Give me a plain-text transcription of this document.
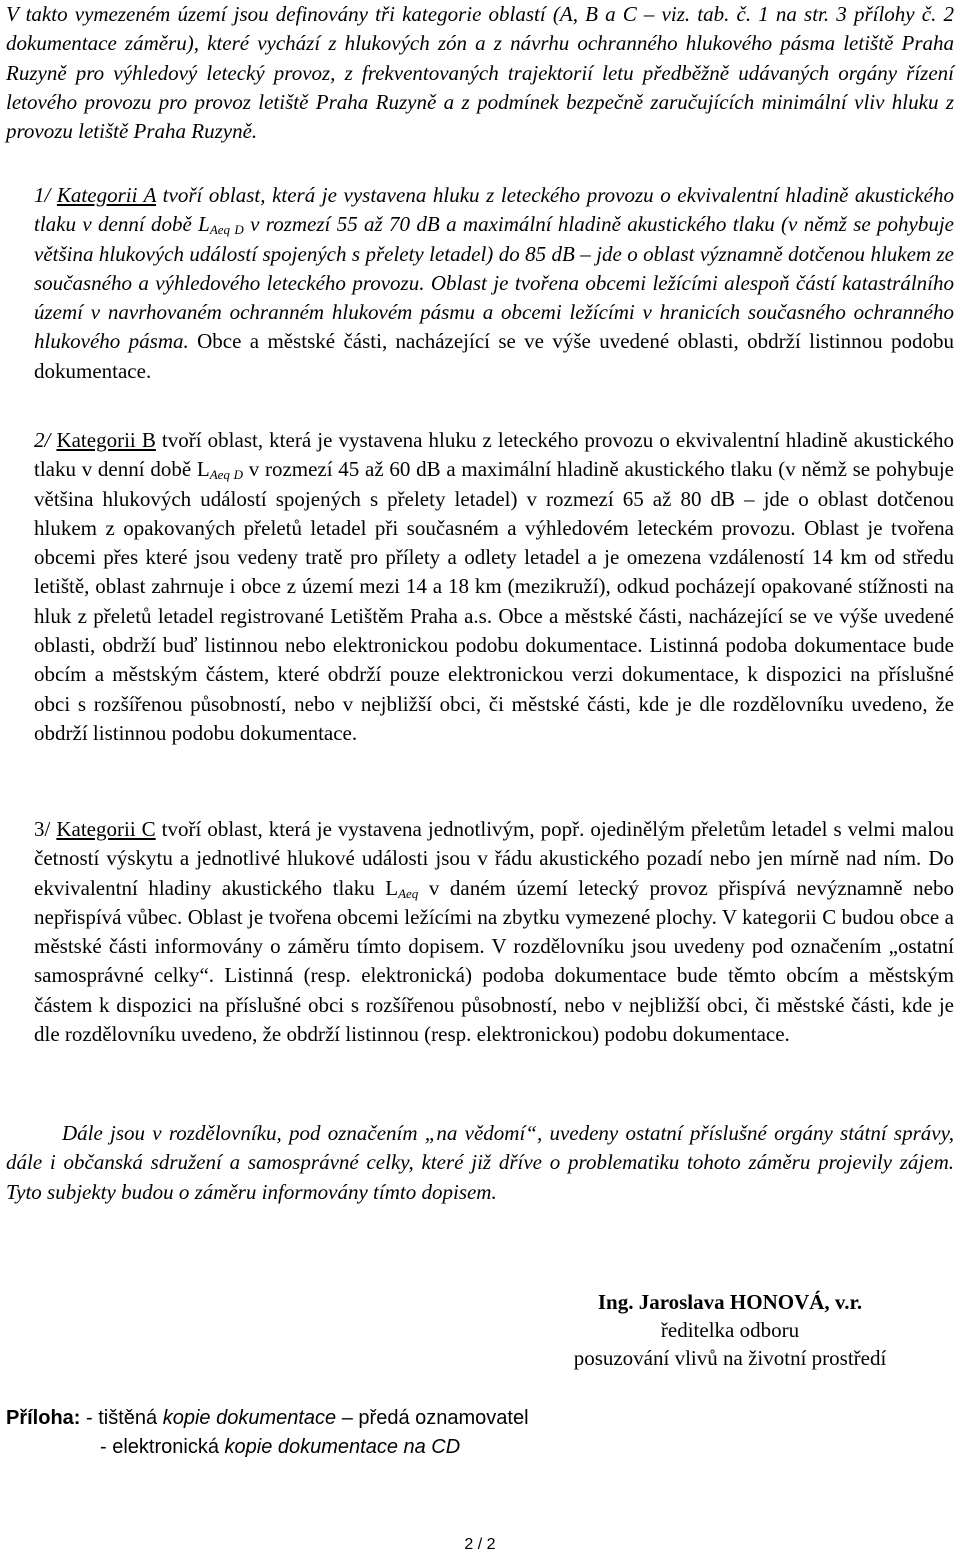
V takto vymezeném území jsou definovány tři kategorie oblastí (A, B a C – viz. tab. č. 1 na str. 3 přílohy č. 2 dokumentace záměru), které vychází z hlukových zón a z návrhu ochranného hlukového pásma letiště Praha Ruzyně pro výhledový letecký provoz, z frekventovaných trajektorií letu předběžně udávaných orgány řízení letového provozu pro provoz letiště Praha Ruzyně a z podmínek bezpečně zaručujících minimální vliv hluku z provozu letiště Praha Ruzyně.

1/ Kategorii A tvoří oblast, která je vystavena hluku z leteckého provozu o ekvivalentní hladině akustického tlaku v denní době $L_{Aeq D}$ v rozmezí 55 až 70 dB a maximální hladině akustického tlaku (v němž se pohybuje většina hlukových událostí spojených s přelety letadel) do 85 dB – jde o oblast významně dotčenou hlukem ze současného a výhledového leteckého provozu. Oblast je tvořena obcemi ležícími alespoň částí katastrálního území v navrhovaném ochranném hlukovém pásmu a obcemi ležícími v hranicích současného ochranného hlukového pásma. Obce a městské části, nacházející se ve výše uvedené oblasti, obdrží listinnou podobu dokumentace.

2/ Kategorii B tvoří oblast, která je vystavena hluku z leteckého provozu o ekvivalentní hladině akustického tlaku v denní době $L_{Aeq D}$ v rozmezí 45 až 60 dB a maximální hladině akustického tlaku (v němž se pohybuje většina hlukových událostí spojených s přelety letadel) v rozmezí 65 až 80 dB – jde o oblast dotčenou hlukem z opakovaných přeletů letadel při současném a výhledovém leteckém provozu. Oblast je tvořena obcemi přes které jsou vedeny tratě pro přílety a odlety letadel a je omezena vzdáleností 14 km od středu letiště, oblast zahrnuje i obce z území mezi 14 a 18 km (mezikruží), odkud pocházejí opakované stížnosti na hluk z přeletů letadel registrované Letištěm Praha a.s. Obce a městské části, nacházející se ve výše uvedené oblasti, obdrží buď listinnou nebo elektronickou podobu dokumentace. Listinná podoba dokumentace bude obcím a městským částem, které obdrží pouze elektronickou verzi dokumentace, k dispozici na příslušné obci s rozšířenou působností, nebo v nejbližší obci, či městské části, kde je dle rozdělovníku uvedeno, že obdrží listinnou podobu dokumentace.

3/ Kategorii C tvoří oblast, která je vystavena jednotlivým, popř. ojedinělým přeletům letadel s velmi malou četností výskytu a jednotlivé hlukové události jsou v řádu akustického pozadí nebo jen mírně nad ním. Do ekvivalentní hladiny akustického tlaku $L_{Aeq}$ v daném území letecký provoz přispívá nevýznamně nebo nepřispívá vůbec. Oblast je tvořena obcemi ležícími na zbytku vymezené plochy. V kategorii C budou obce a městské části informovány o záměru tímto dopisem. V rozdělovníku jsou uvedeny pod označením „ostatní samosprávné celky“. Listinná (resp. elektronická) podoba dokumentace bude těmto obcím a městským částem k dispozici na příslušné obci s rozšířenou působností, nebo v nejbližší obci, či městské části, kde je dle rozdělovníku uvedeno, že obdrží listinnou (resp. elektronickou) podobu dokumentace.

Dále jsou v rozdělovníku, pod označením „na vědomí“, uvedeny ostatní příslušné orgány státní správy, dále i občanská sdružení a samosprávné celky, které již dříve o problematiku tohoto záměru projevily zájem. Tyto subjekty budou o záměru informovány tímto dopisem.

Ing. Jaroslava HONOVÁ, v.r.
ředitelka odboru
posuzování vlivů na životní prostředí
Příloha: - tištěná kopie dokumentace – předá oznamovatel
- elektronická kopie dokumentace na CD
2 / 2
